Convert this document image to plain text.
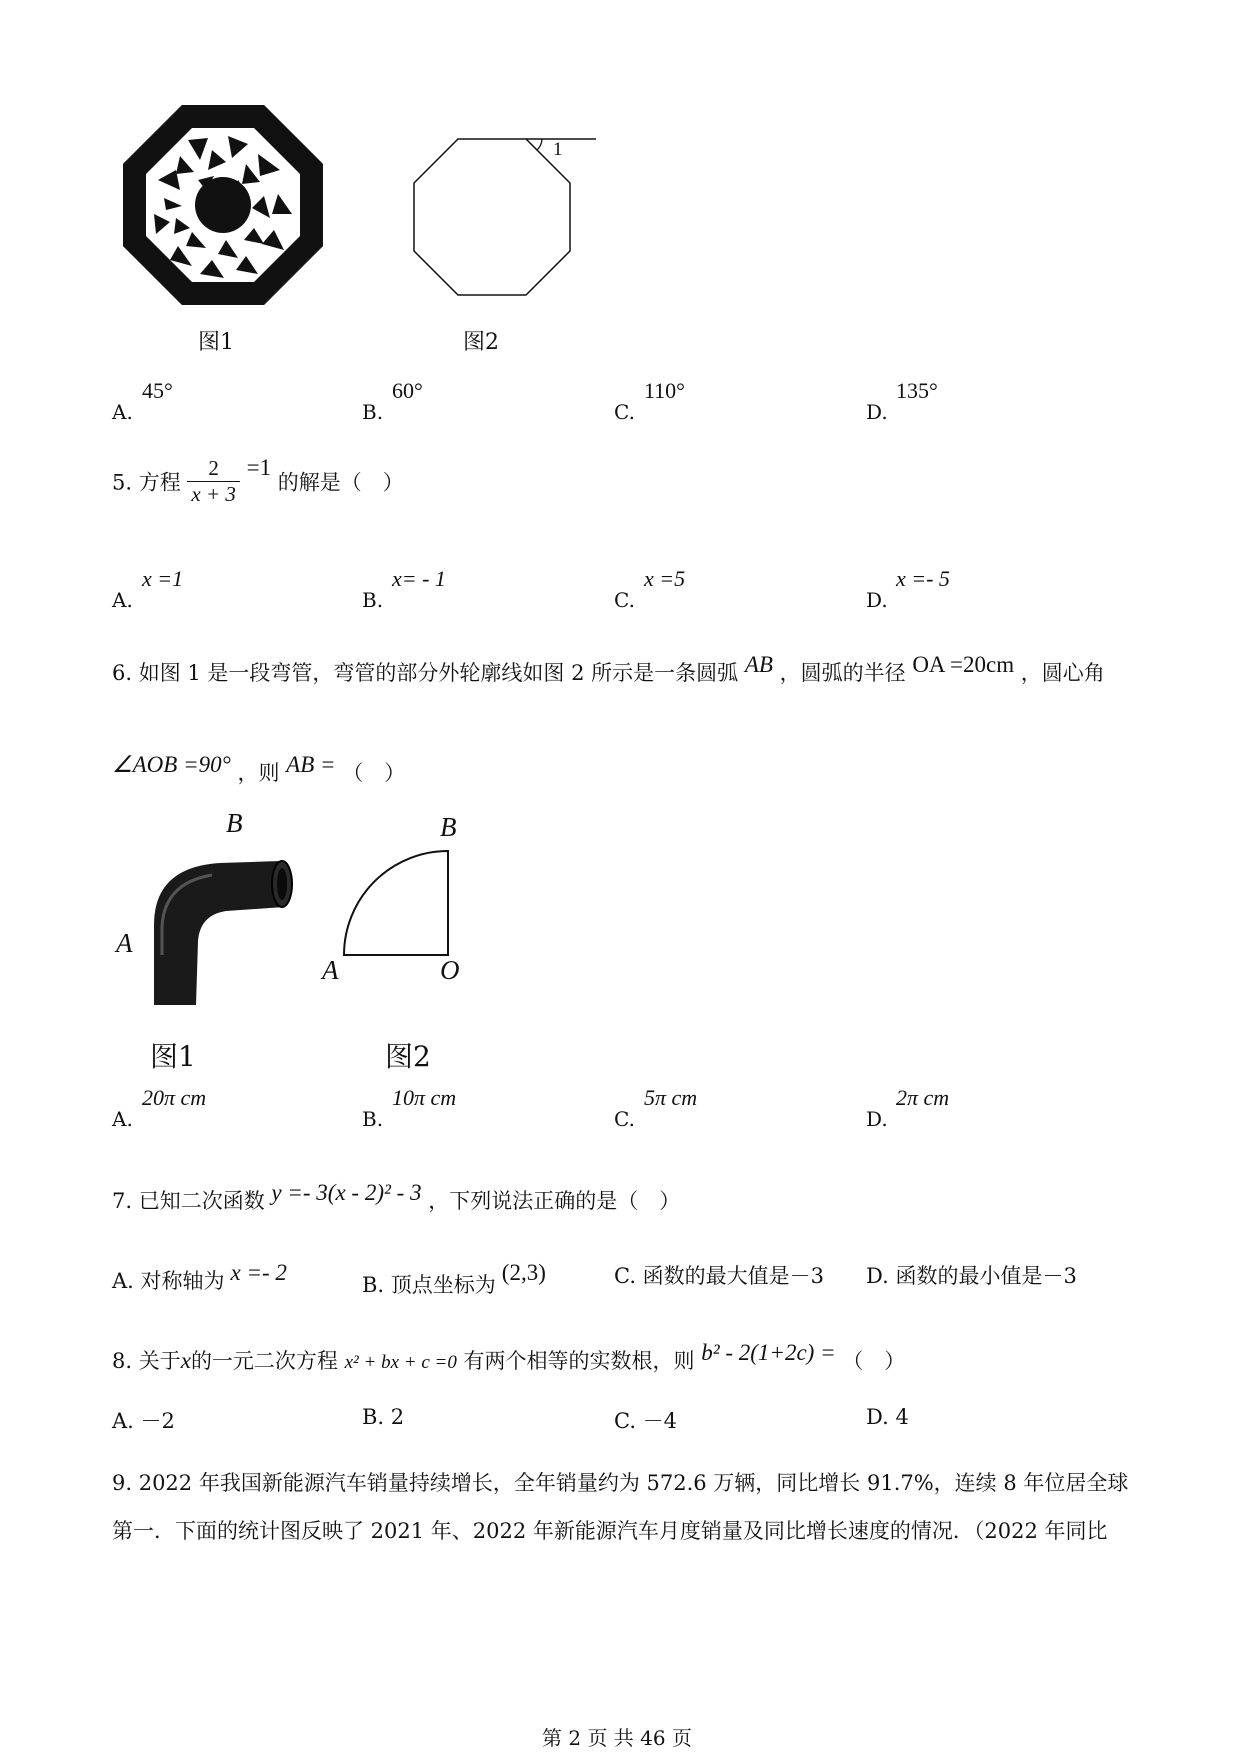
图1
1
图2
A.
45°
B.
60°
C.
110°
D.
135°
5. 方程 $\frac{2}{x + 3} =1$ 的解是（　）
A.
x =1
B.
x= - 1
C.
x =5
D.
x =- 5
6. 如图 1 是一段弯管，弯管的部分外轮廓线如图 2 所示是一条圆弧 AB ，圆弧的半径 OA =20cm ，圆心角
∠AOB =90° ，则 AB = （　）
A
B
A
B
O
图1	图2
A.
20π cm
B.
10π cm
C.
5π cm
D.
2π cm
7. 已知二次函数 y =- 3(x - 2)² - 3 ，下列说法正确的是（　）
A. 对称轴为 x =- 2	B. 顶点坐标为 (2,3)	C. 函数的最大值是－3 D. 函数的最小值是－3
8. 关于x的一元二次方程 x² + bx + c =0 有两个相等的实数根，则 b² - 2(1+2c) = （　）
A. －2	B. 2	C. －4	D. 4
9. 2022 年我国新能源汽车销量持续增长，全年销量约为 572.6 万辆，同比增长 91.7%，连续 8 年位居全球
第一．下面的统计图反映了 2021 年、2022 年新能源汽车月度销量及同比增长速度的情况．（2022 年同比
第 2 页 共 46 页
